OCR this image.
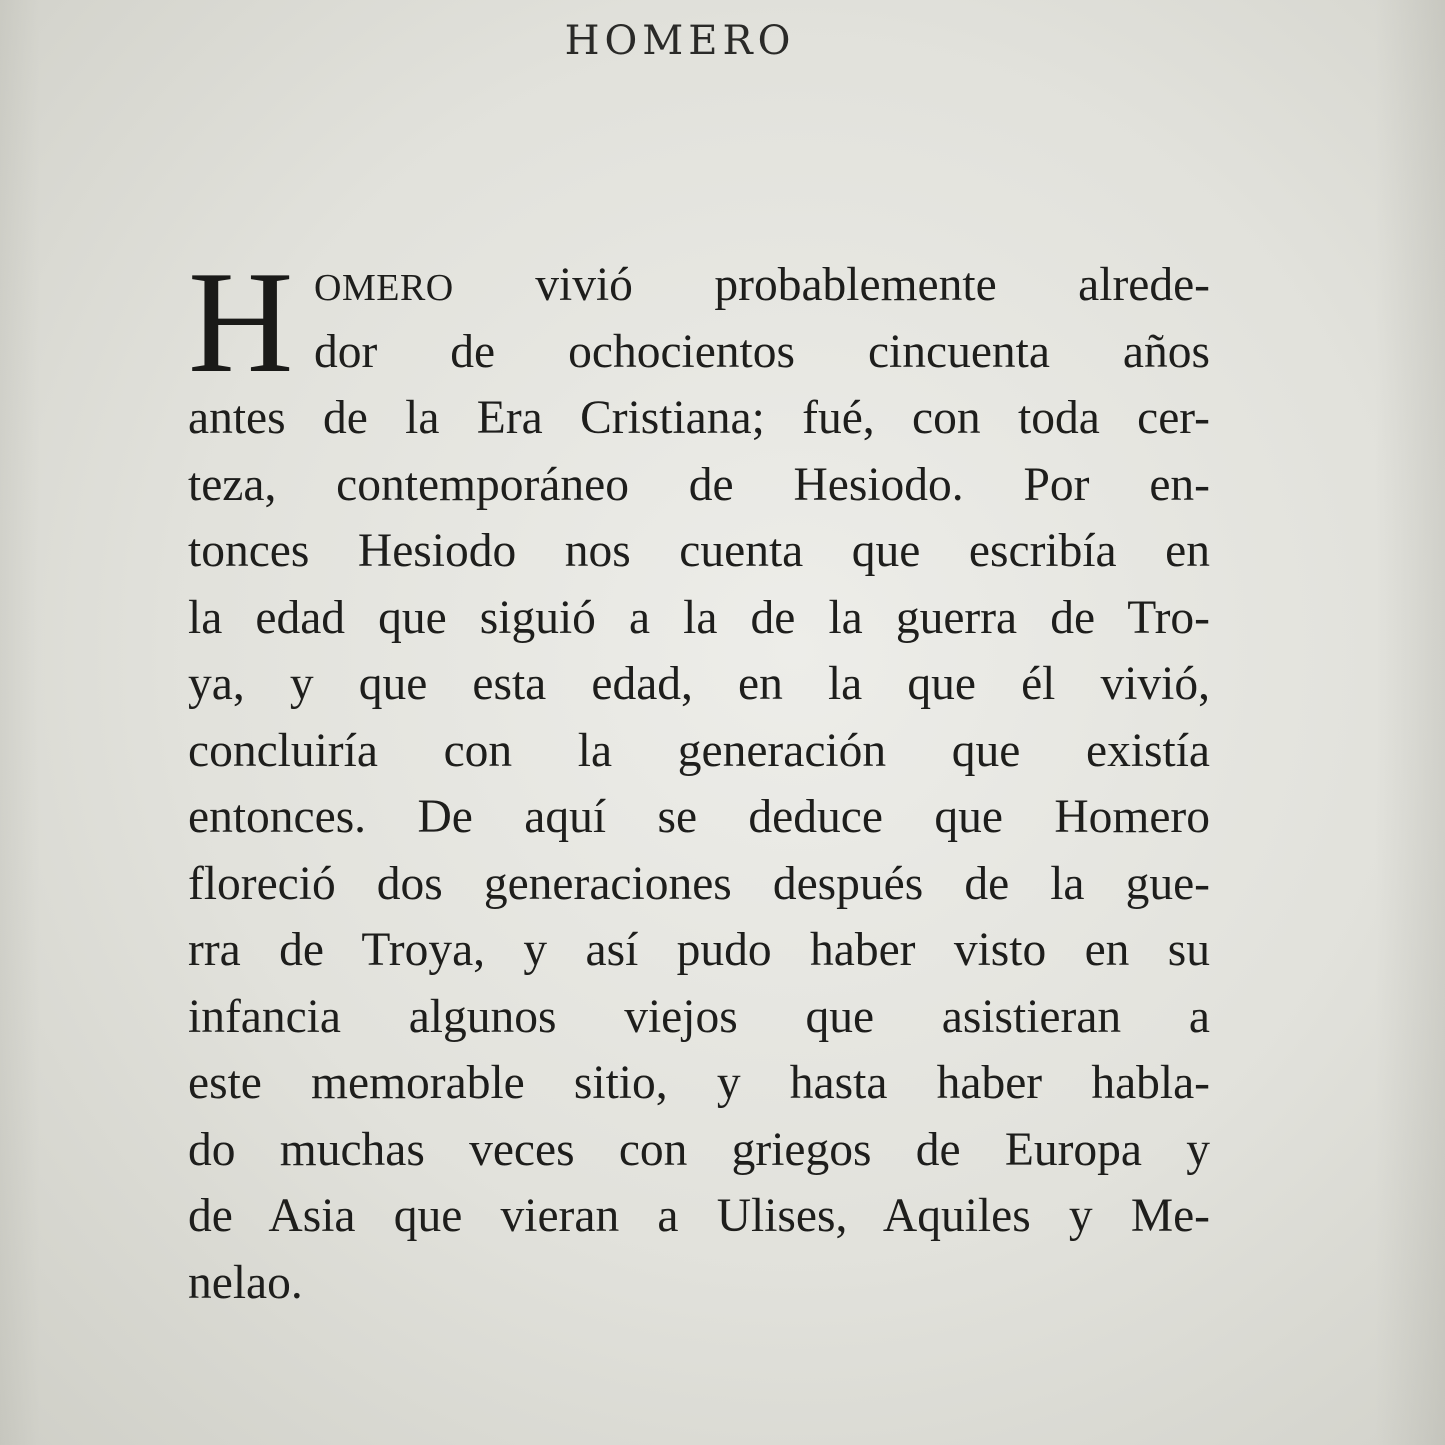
HOMERO
H OMERO vivió probablemente alrede-
dor de ochocientos cincuenta años
antes de la Era Cristiana; fué, con toda cer-
teza, contemporáneo de Hesiodo. Por en-
tonces Hesiodo nos cuenta que escribía en
la edad que siguió a la de la guerra de Tro-
ya, y que esta edad, en la que él vivió,
concluiría con la generación que existía
entonces. De aquí se deduce que Homero
floreció dos generaciones después de la gue-
rra de Troya, y así pudo haber visto en su
infancia algunos viejos que asistieran a
este memorable sitio, y hasta haber habla-
do muchas veces con griegos de Europa y
de Asia que vieran a Ulises, Aquiles y Me-
nelao.
